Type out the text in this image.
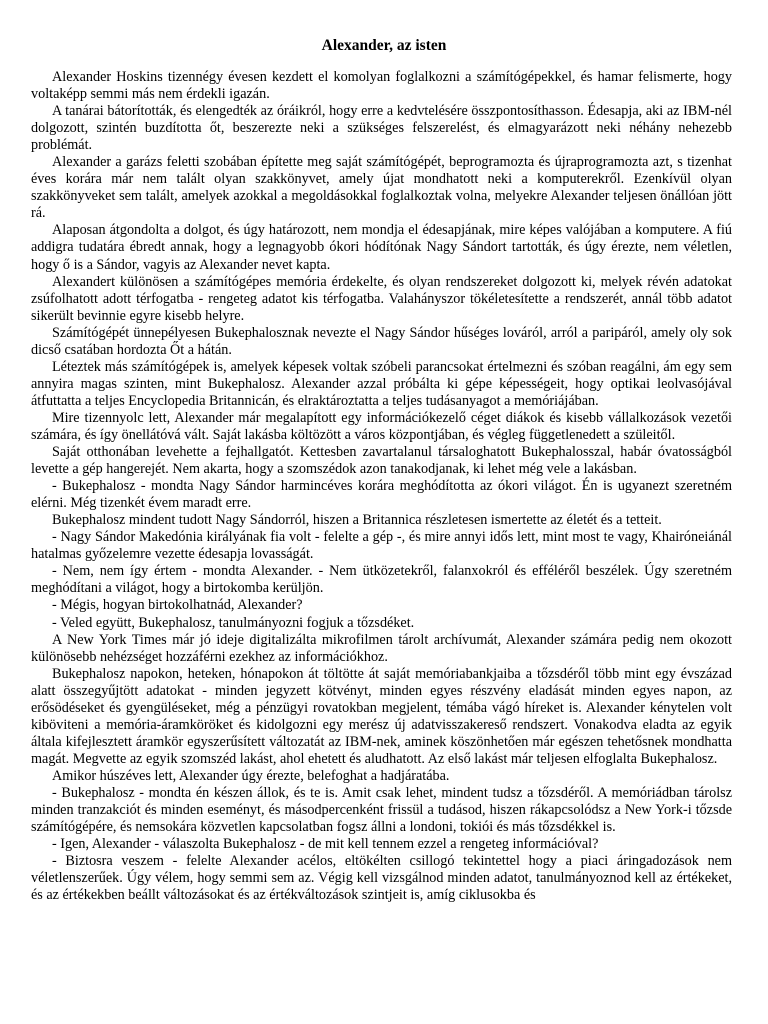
Alexander, az isten

Alexander Hoskins tizennégy évesen kezdett el komolyan foglalkozni a számítógépekkel, és hamar felismerte, hogy voltaképp semmi más nem érdekli igazán.

A tanárai bátorították, és elengedték az óráikról, hogy erre a kedvtelésére összpontosíthasson. Édesapja, aki az IBM-nél dolgozott, szintén buzdította őt, beszerezte neki a szükséges felszerelést, és elmagyarázott neki néhány nehezebb problémát.

Alexander a garázs feletti szobában építette meg saját számítógépét, beprogramozta és újraprogramozta azt, s tizenhat éves korára már nem talált olyan szakkönyvet, amely újat mondhatott neki a komputerekről. Ezenkívül olyan szakkönyveket sem talált, amelyek azokkal a megoldásokkal foglalkoztak volna, melyekre Alexander teljesen önállóan jött rá.

Alaposan átgondolta a dolgot, és úgy határozott, nem mondja el édesapjának, mire képes valójában a komputere. A fiú addigra tudatára ébredt annak, hogy a legnagyobb ókori hódítónak Nagy Sándort tartották, és úgy érezte, nem véletlen, hogy ő is a Sándor, vagyis az Alexander nevet kapta.

Alexandert különösen a számítógépes memória érdekelte, és olyan rendszereket dolgozott ki, melyek révén adatokat zsúfolhatott adott térfogatba - rengeteg adatot kis térfogatba. Valahányszor tökéletesítette a rendszerét, annál több adatot sikerült bevinnie egyre kisebb helyre.

Számítógépét ünnepélyesen Bukephalosznak nevezte el Nagy Sándor hűséges lováról, arról a paripáról, amely oly sok dicső csatában hordozta Őt a hátán.

Léteztek más számítógépek is, amelyek képesek voltak szóbeli parancsokat értelmezni és szóban reagálni, ám egy sem annyira magas szinten, mint Bukephalosz. Alexander azzal próbálta ki gépe képességeit, hogy optikai leolvasójával átfuttatta a teljes Encyclopedia Britannicán, és elraktároztatta a teljes tudásanyagot a memóriájában.

Mire tizennyolc lett, Alexander már megalapított egy információkezelő céget diákok és kisebb vállalkozások vezetői számára, és így önellátóvá vált. Saját lakásba költözött a város központjában, és végleg függetlenedett a szüleitől.

Saját otthonában levehette a fejhallgatót. Kettesben zavartalanul társaloghatott Bukephalosszal, habár óvatosságból levette a gép hangerejét. Nem akarta, hogy a szomszédok azon tanakodjanak, ki lehet még vele a lakásban.

- Bukephalosz - mondta Nagy Sándor harmincéves korára meghódította az ókori világot. Én is ugyanezt szeretném elérni. Még tizenkét évem maradt erre.

Bukephalosz mindent tudott Nagy Sándorról, hiszen a Britannica részletesen ismertette az életét és a tetteit.

- Nagy Sándor Makedónia királyának fia volt - felelte a gép -, és mire annyi idős lett, mint most te vagy, Khairóneiánál hatalmas győzelemre vezette édesapja lovasságát.

- Nem, nem így értem - mondta Alexander. - Nem ütközetekről, falanxokról és efféléről beszélek. Úgy szeretném meghódítani a világot, hogy a birtokomba kerüljön.

- Mégis, hogyan birtokolhatnád, Alexander?

- Veled együtt, Bukephalosz, tanulmányozni fogjuk a tőzsdéket.

A New York Times már jó ideje digitalizálta mikrofilmen tárolt archívumát, Alexander számára pedig nem okozott különösebb nehézséget hozzáférni ezekhez az információkhoz.

Bukephalosz napokon, heteken, hónapokon át töltötte át saját memóriabankjaiba a tőzsdéről több mint egy évszázad alatt összegyűjtött adatokat - minden jegyzett kötvényt, minden egyes részvény eladását minden egyes napon, az erősödéseket és gyengüléseket, még a pénzügyi rovatokban megjelent, témába vágó híreket is. Alexander kénytelen volt kiböviteni a memória-áramköröket és kidolgozni egy merész új adatvisszakereső rendszert. Vonakodva eladta az egyik általa kifejlesztett áramkör egyszerűsített változatát az IBM-nek, aminek köszönhetően már egészen tehetősnek mondhatta magát. Megvette az egyik szomszéd lakást, ahol ehetett és aludhatott. Az első lakást már teljesen elfoglalta Bukephalosz.

Amikor húszéves lett, Alexander úgy érezte, belefoghat a hadjáratába.

- Bukephalosz - mondta én készen állok, és te is. Amit csak lehet, mindent tudsz a tőzsdéről. A memóriádban tárolsz minden tranzakciót és minden eseményt, és másodpercenként frissül a tudásod, hiszen rákapcsolódsz a New York-i tőzsde számítógépére, és nemsokára közvetlen kapcsolatban fogsz állni a londoni, tokiói és más tőzsdékkel is.

- Igen, Alexander - válaszolta Bukephalosz - de mit kell tennem ezzel a rengeteg információval?

- Biztosra veszem - felelte Alexander acélos, eltökélten csillogó tekintettel hogy a piaci áringadozások nem véletlenszerűek. Úgy vélem, hogy semmi sem az. Végig kell vizsgálnod minden adatot, tanulmányoznod kell az értékeket, és az értékekben beállt változásokat és az értékváltozások szintjeit is, amíg ciklusokba és
